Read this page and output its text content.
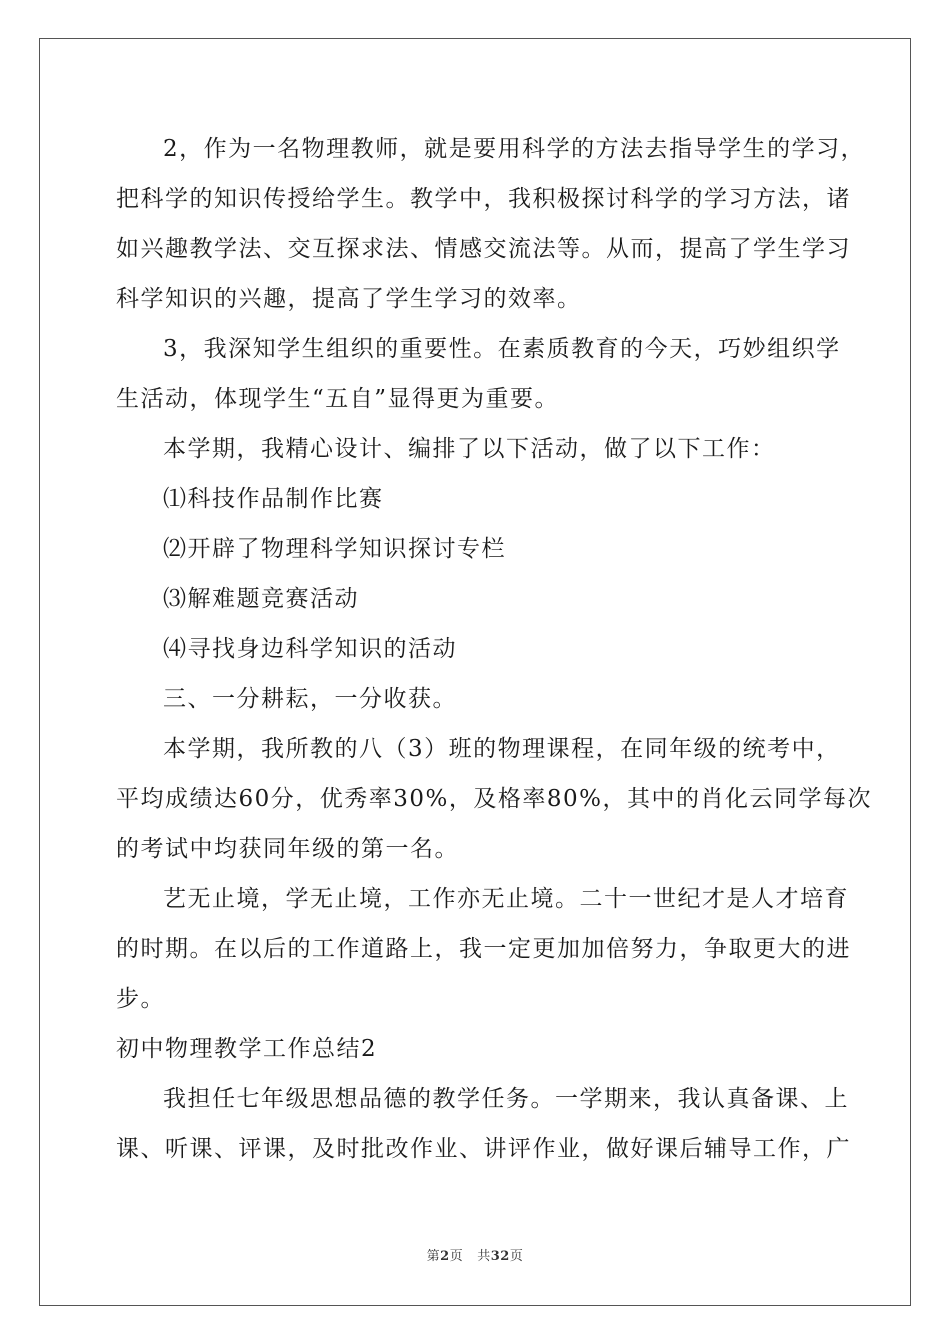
2，作为一名物理教师，就是要用科学的方法去指导学生的学习，
把科学的知识传授给学生。教学中，我积极探讨科学的学习方法，诸
如兴趣教学法、交互探求法、情感交流法等。从而，提高了学生学习
科学知识的兴趣，提高了学生学习的效率。
3，我深知学生组织的重要性。在素质教育的今天，巧妙组织学
生活动，体现学生“五自”显得更为重要。
本学期，我精心设计、编排了以下活动，做了以下工作：
⑴科技作品制作比赛
⑵开辟了物理科学知识探讨专栏
⑶解难题竞赛活动
⑷寻找身边科学知识的活动
三、一分耕耘，一分收获。
本学期，我所教的八（3）班的物理课程，在同年级的统考中，
平均成绩达60分，优秀率30%，及格率80%，其中的肖化云同学每次
的考试中均获同年级的第一名。
艺无止境，学无止境，工作亦无止境。二十一世纪才是人才培育
的时期。在以后的工作道路上，我一定更加加倍努力，争取更大的进
步。
初中物理教学工作总结2
我担任七年级思想品德的教学任务。一学期来，我认真备课、上
课、听课、评课，及时批改作业、讲评作业，做好课后辅导工作，广
第2页 共32页
